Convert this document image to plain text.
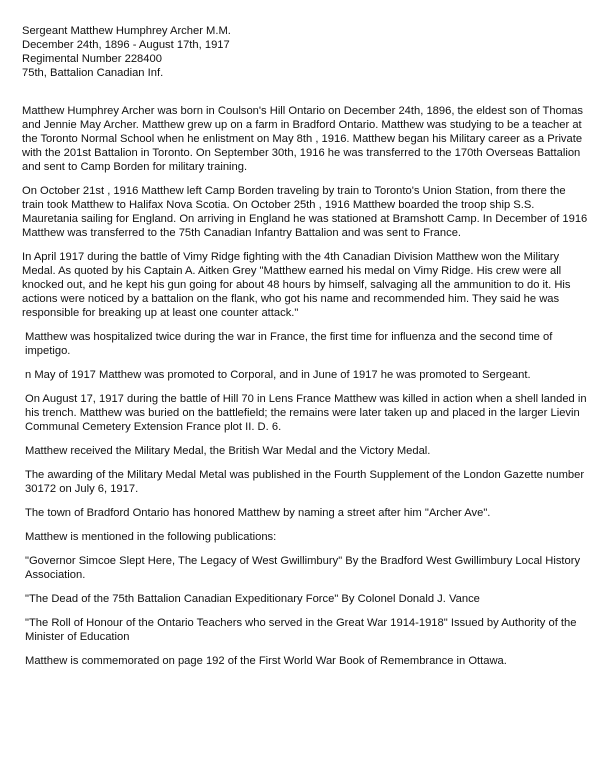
Sergeant Matthew Humphrey Archer M.M.
December 24th, 1896 - August 17th, 1917
Regimental Number 228400
75th, Battalion Canadian Inf.

Matthew Humphrey Archer was born in Coulson's Hill Ontario on December 24th, 1896, the eldest son of Thomas and Jennie May Archer. Matthew grew up on a farm in Bradford Ontario. Matthew was studying to be a teacher at the Toronto Normal School when he enlistment on May 8th , 1916. Matthew began his Military career as a Private with the 201st Battalion in Toronto. On September 30th, 1916 he was transferred to the 170th Overseas Battalion and sent to Camp Borden for military training.

On October 21st , 1916 Matthew left Camp Borden traveling by train to Toronto's Union Station, from there the train took Matthew to Halifax Nova Scotia. On October 25th , 1916 Matthew boarded the troop ship S.S. Mauretania sailing for England. On arriving in England he was stationed at Bramshott Camp. In December of 1916 Matthew was transferred to the 75th Canadian Infantry Battalion and was sent to France.

In April 1917 during the battle of Vimy Ridge fighting with the 4th Canadian Division Matthew won the Military Medal. As quoted by his Captain A. Aitken Grey "Matthew earned his medal on Vimy Ridge. His crew were all knocked out, and he kept his gun going for about 48 hours by himself, salvaging all the ammunition to do it. His actions were noticed by a battalion on the flank, who got his name and recommended him. They said he was responsible for breaking up at least one counter attack."

Matthew was hospitalized twice during the war in France, the first time for influenza and the second time of impetigo.

n May of 1917 Matthew was promoted to Corporal, and in June of 1917 he was promoted to Sergeant.

On August 17, 1917 during the battle of Hill 70 in Lens France Matthew was killed in action when a shell landed in his trench. Matthew was buried on the battlefield; the remains were later taken up and placed in the larger Lievin Communal Cemetery Extension France plot II. D. 6.

Matthew received the Military Medal, the British War Medal and the Victory Medal.

The awarding of the Military Medal Metal was published in the Fourth Supplement of the London Gazette number 30172 on July 6, 1917.

The town of Bradford Ontario has honored Matthew by naming a street after him "Archer Ave".

Matthew is mentioned in the following publications:

"Governor Simcoe Slept Here, The Legacy of West Gwillimbury" By the Bradford West Gwillimbury Local History Association.

"The Dead of the 75th Battalion Canadian Expeditionary Force" By Colonel Donald J. Vance

"The Roll of Honour of the Ontario Teachers who served in the Great War 1914-1918" Issued by Authority of the Minister of Education

Matthew is commemorated on page 192 of the First World War Book of Remembrance in Ottawa.
